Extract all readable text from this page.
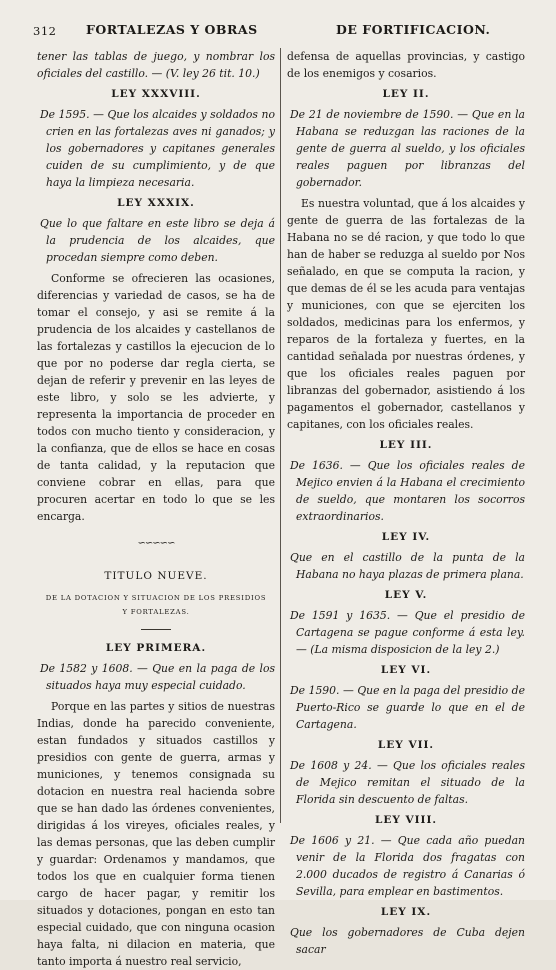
312 FORTALEZAS Y OBRAS	DE FORTIFICACION.

tener las tablas de juego, y nombrar los oficiales del castillo. — (V. ley 26 tit. 10.)

LEY XXXVIII.

De 1595. — Que los alcaides y soldados no crien en las fortalezas aves ni ganados; y los gobernadores y capitanes generales cuiden de su cumplimiento, y de que haya la limpieza necesaria.

LEY XXXIX.

Que lo que faltare en este libro se deja á la prudencia de los alcaides, que procedan siempre como deben.

Conforme se ofrecieren las ocasiones, diferencias y variedad de casos, se ha de tomar el consejo, y asi se remite á la prudencia de los alcaides y castellanos de las fortalezas y castillos la ejecucion de lo que por no poderse dar regla cierta, se dejan de referir y prevenir en las leyes de este libro, y solo se les advierte, y representa la importancia de proceder en todos con mucho tiento y consideracion, y la confianza, que de ellos se hace en cosas de tanta calidad, y la reputacion que conviene cobrar en ellas, para que procuren acertar en todo lo que se les encarga.

∽∽∽∽∽
TITULO NUEVE.
DE LA DOTACION Y SITUACION DE LOS PRESIDIOS
Y FORTALEZAS.
LEY PRIMERA.

De 1582 y 1608. — Que en la paga de los situados haya muy especial cuidado.

Porque en las partes y sitios de nuestras Indias, donde ha parecido conveniente, estan fundados y situados castillos y presidios con gente de guerra, armas y municiones, y tenemos consignada su dotacion en nuestra real hacienda sobre que se han dado las órdenes convenientes, dirigidas á los vireyes, oficiales reales, y las demas personas, que las deben cumplir y guardar: Ordenamos y mandamos, que todos los que en cualquier forma tienen cargo de hacer pagar, y remitir los situados y dotaciones, pongan en esto tan especial cuidado, que con ninguna ocasion haya falta, ni dilacion en materia, que tanto importa á nuestro real servicio,

defensa de aquellas provincias, y castigo de los enemigos y cosarios.

LEY II.

De 21 de noviembre de 1590. — Que en la Habana se reduzgan las raciones de la gente de guerra al sueldo, y los oficiales reales paguen por libranzas del gobernador.

Es nuestra voluntad, que á los alcaides y gente de guerra de las fortalezas de la Habana no se dé racion, y que todo lo que han de haber se reduzga al sueldo por Nos señalado, en que se computa la racion, y que demas de él se les acuda para ventajas y municiones, con que se ejerciten los soldados, medicinas para los enfermos, y reparos de la fortaleza y fuertes, en la cantidad señalada por nuestras órdenes, y que los oficiales reales paguen por libranzas del gobernador, asistiendo á los pagamentos el gobernador, castellanos y capitanes, con los oficiales reales.

LEY III.

De 1636. — Que los oficiales reales de Mejico envien á la Habana el crecimiento de sueldo, que montaren los socorros extraordinarios.

LEY IV.

Que en el castillo de la punta de la Habana no haya plazas de primera plana.

LEY V.

De 1591 y 1635. — Que el presidio de Cartagena se pague conforme á esta ley. — (La misma disposicion de la ley 2.)

LEY VI.

De 1590. — Que en la paga del presidio de Puerto-Rico se guarde lo que en el de Cartagena.

LEY VII.

De 1608 y 24. — Que los oficiales reales de Mejico remitan el situado de la Florida sin descuento de faltas.

LEY VIII.

De 1606 y 21. — Que cada año puedan venir de la Florida dos fragatas con 2.000 ducados de registro á Canarias ó Sevilla, para emplear en bastimentos.

LEY IX.

Que los gobernadores de Cuba dejen sacar
